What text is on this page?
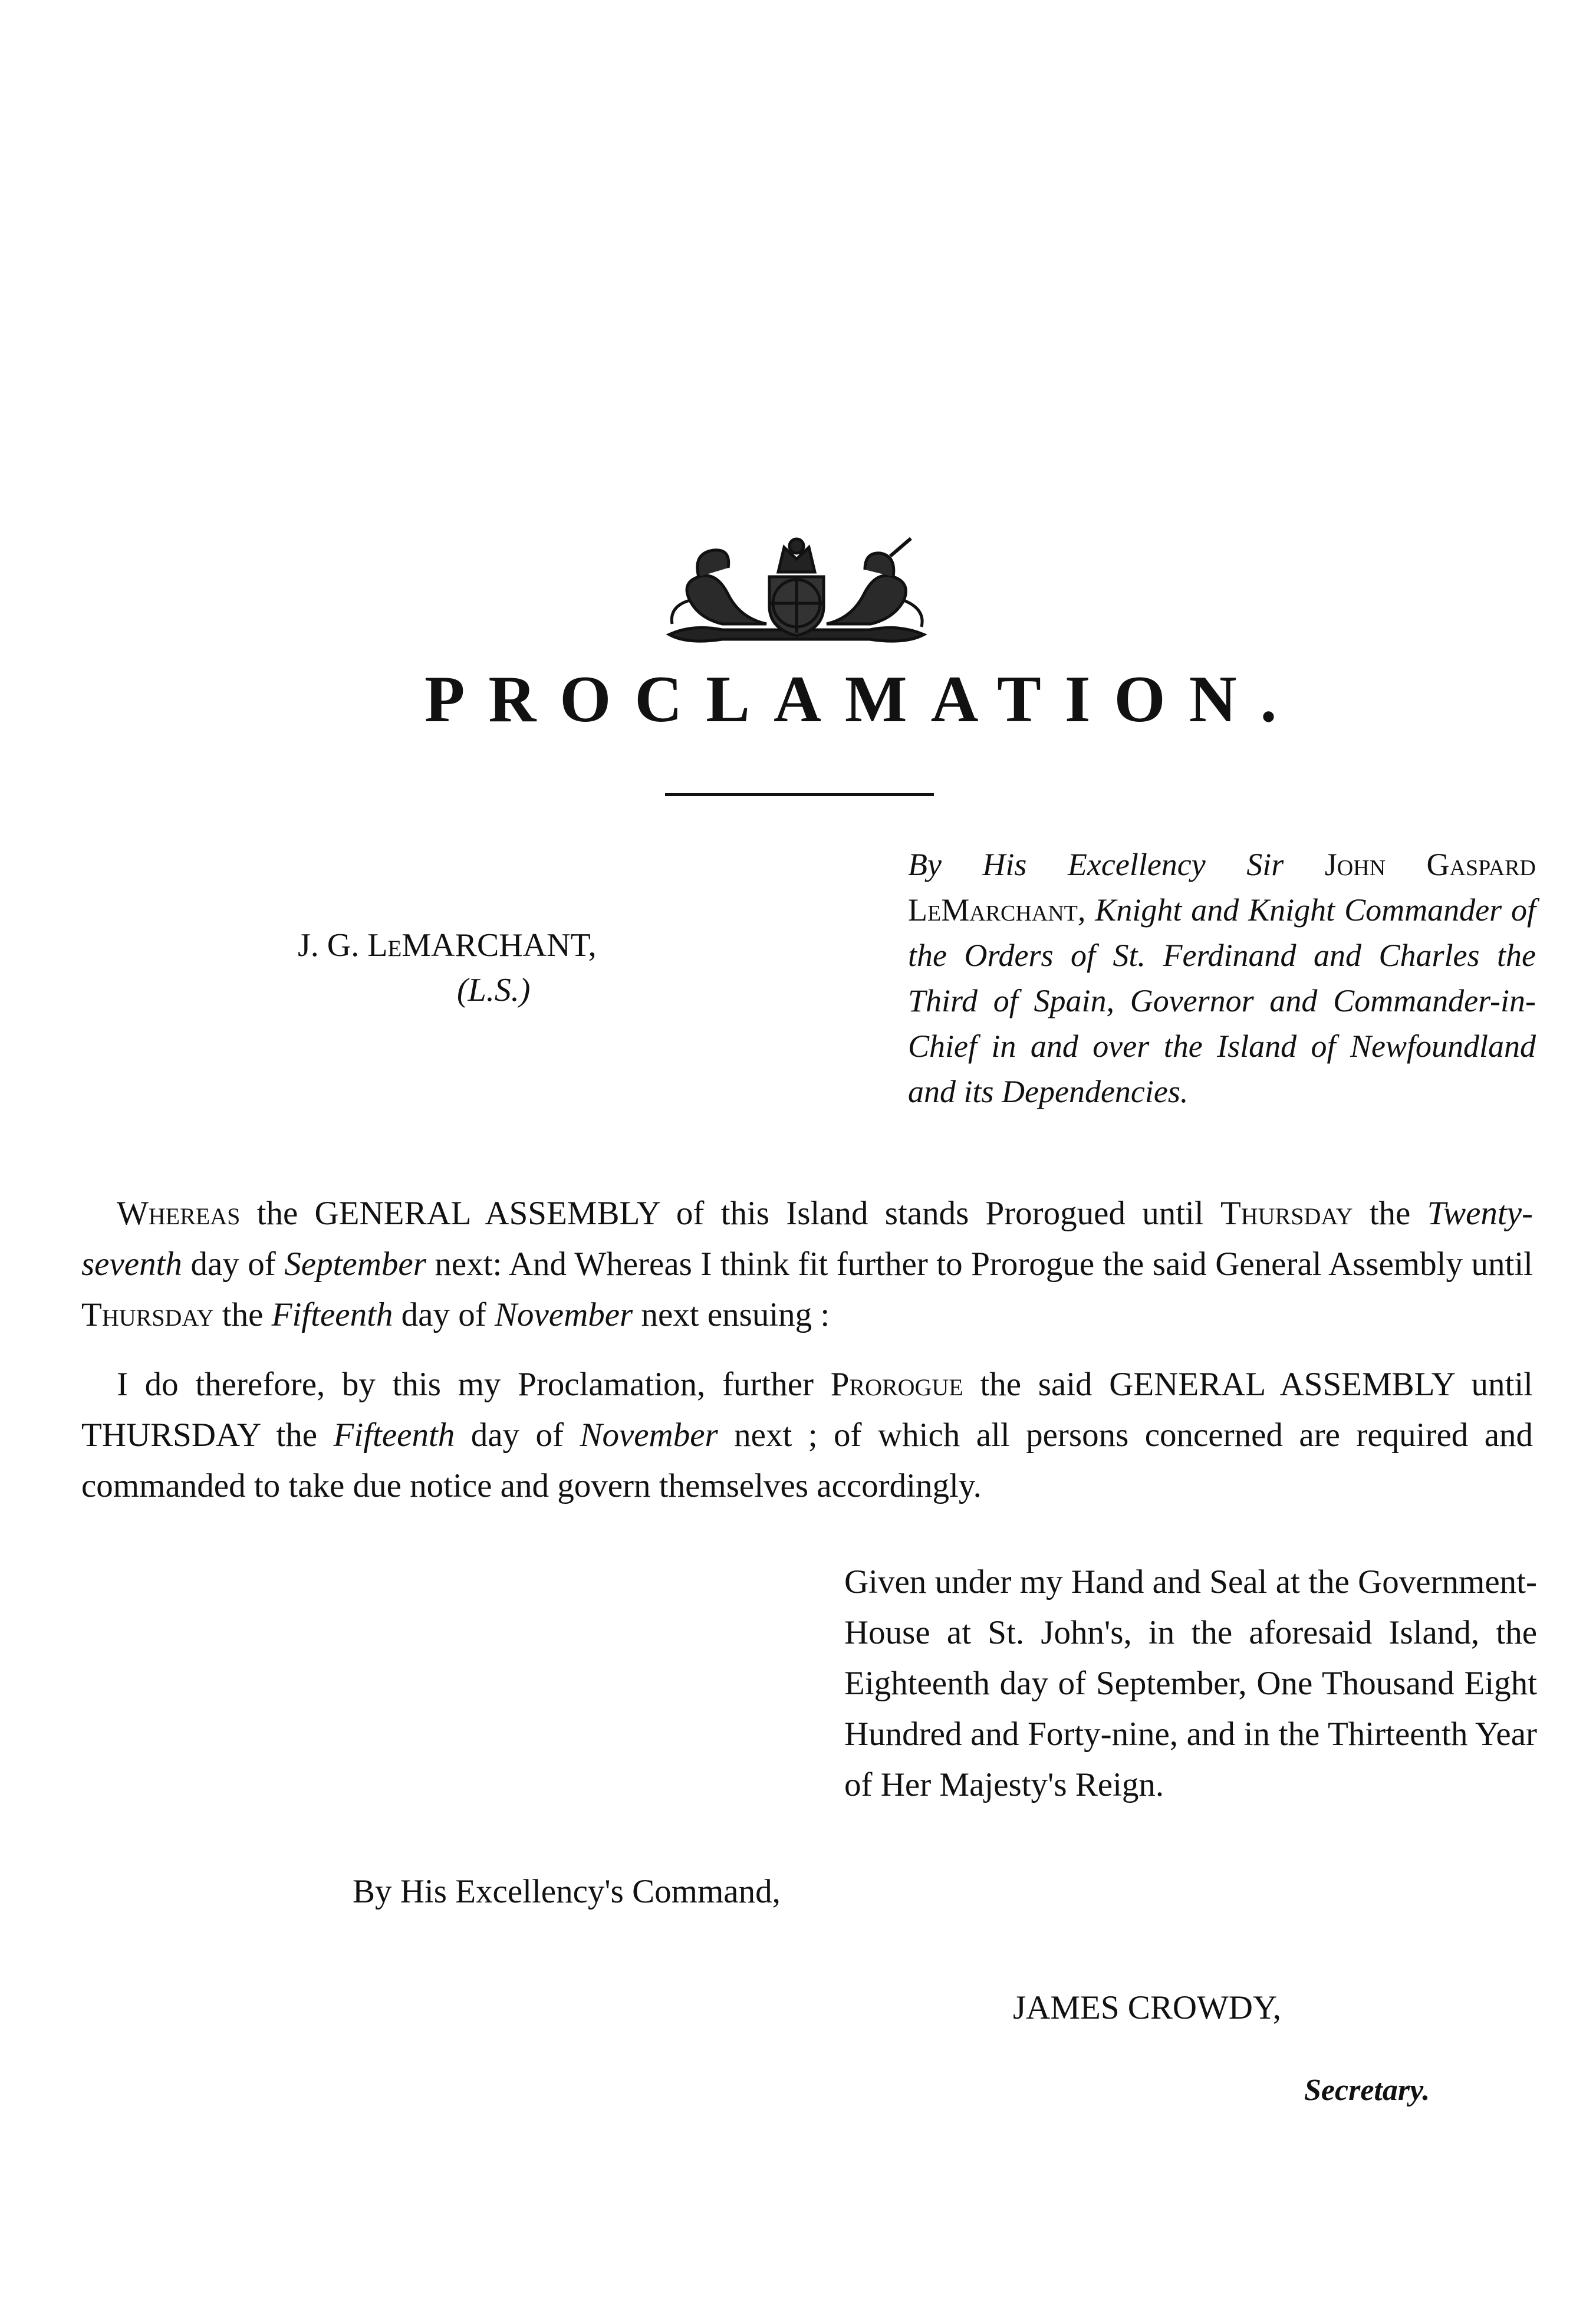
PROCLAMATION.
J. G. LeMARCHANT,
(L.S.)
By His Excellency Sir John Gaspard LeMarchant, Knight and Knight Commander of the Orders of St. Ferdinand and Charles the Third of Spain, Governor and Commander-in-Chief in and over the Island of Newfoundland and its Dependencies.
Whereas the GENERAL ASSEMBLY of this Island stands Prorogued until Thursday the Twenty-seventh day of September next: And Whereas I think fit further to Prorogue the said General Assembly until Thursday the Fifteenth day of November next ensuing :
I do therefore, by this my Proclamation, further Prorogue the said GENERAL ASSEMBLY until THURSDAY the Fifteenth day of November next ; of which all persons concerned are required and commanded to take due notice and govern themselves accordingly.
Given under my Hand and Seal at the Government-House at St. John's, in the aforesaid Island, the Eighteenth day of September, One Thousand Eight Hundred and Forty-nine, and in the Thirteenth Year of Her Majesty's Reign.
By His Excellency's Command,
JAMES CROWDY,
Secretary.
